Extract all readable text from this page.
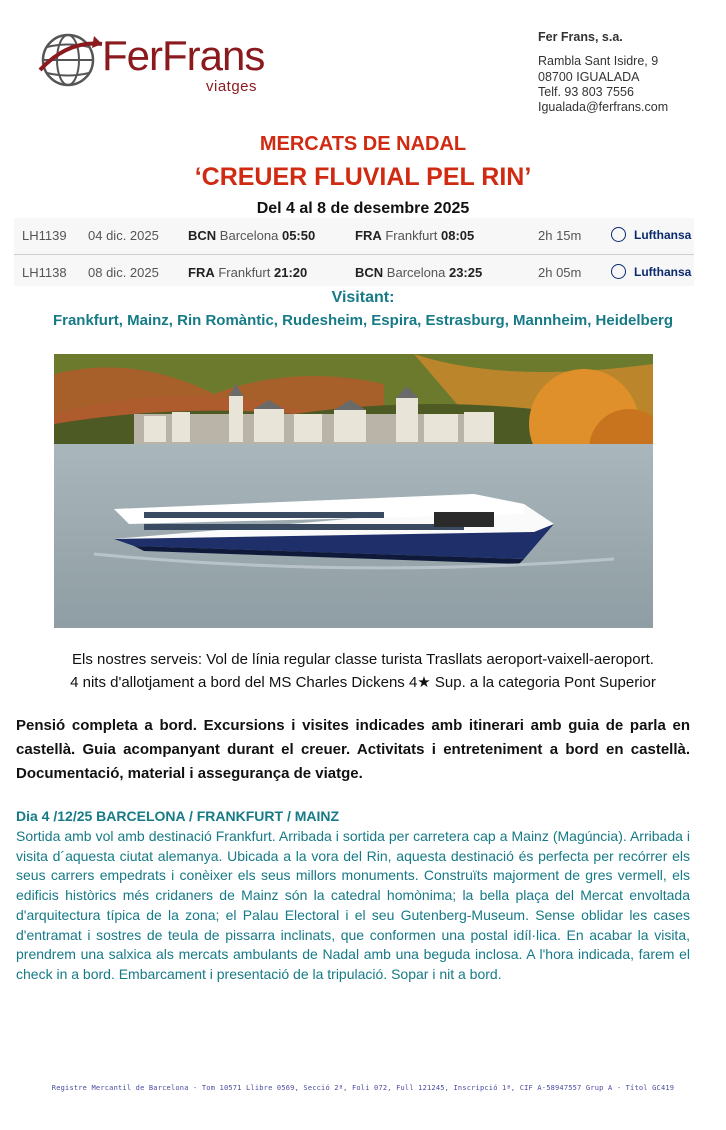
FerFrans
viatges
Fer Frans, s.a.
Rambla Sant Isidre, 9
08700 IGUALADA
Telf. 93 803 7556
Igualada@ferfrans.com
MERCATS DE NADAL
‘CREUER FLUVIAL PEL RIN’
Del 4 al 8 de desembre 2025
LH1139 04 dic. 2025 BCN Barcelona 05:50	FRA Frankfurt 08:05	2h 15m	Lufthansa
LH1138 08 dic. 2025 FRA Frankfurt 21:20	BCN Barcelona 23:25	2h 05m	Lufthansa
Visitant:
Frankfurt, Mainz, Rin Romàntic, Rudesheim, Espira, Estrasburg, Mannheim, Heidelberg
Els nostres serveis: Vol de línia regular classe turista Trasllats aeroport-vaixell-aeroport.
4 nits d'allotjament a bord del MS Charles Dickens 4★ Sup. a la categoria Pont Superior
Pensió completa a bord. Excursions i visites indicades amb itinerari amb guia de parla en castellà. Guia acompanyant durant el creuer. Activitats i entreteniment a bord en castellà. Documentació, material i assegurança de viatge.
Dia 4 /12/25 BARCELONA / FRANKFURT / MAINZ
Sortida amb vol amb destinació Frankfurt. Arribada i sortida per carretera cap a Mainz (Magúncia). Arribada i visita d´aquesta ciutat alemanya. Ubicada a la vora del Rin, aquesta destinació és perfecta per recórrer els seus carrers empedrats i conèixer els seus millors monuments. Construïts majorment de gres vermell, els edificis històrics més cridaners de Mainz són la catedral homònima; la bella plaça del Mercat envoltada d'arquitectura típica de la zona; el Palau Electoral i el seu Gutenberg-Museum. Sense oblidar les cases d'entramat i sostres de teula de pissarra inclinats, que conformen una postal idíl·lica. En acabar la visita, prendrem una salxica als mercats ambulants de Nadal amb una beguda inclosa. A l'hora indicada, farem el check in a bord. Embarcament i presentació de la tripulació. Sopar i nit a bord.
Registre Mercantil de Barcelona - Tom 10571 Llibre 0569, Secció 2ª, Foli 072, Full 121245, Inscripció 1ª, CIF A-58947557 Grup A - Títol GC419
